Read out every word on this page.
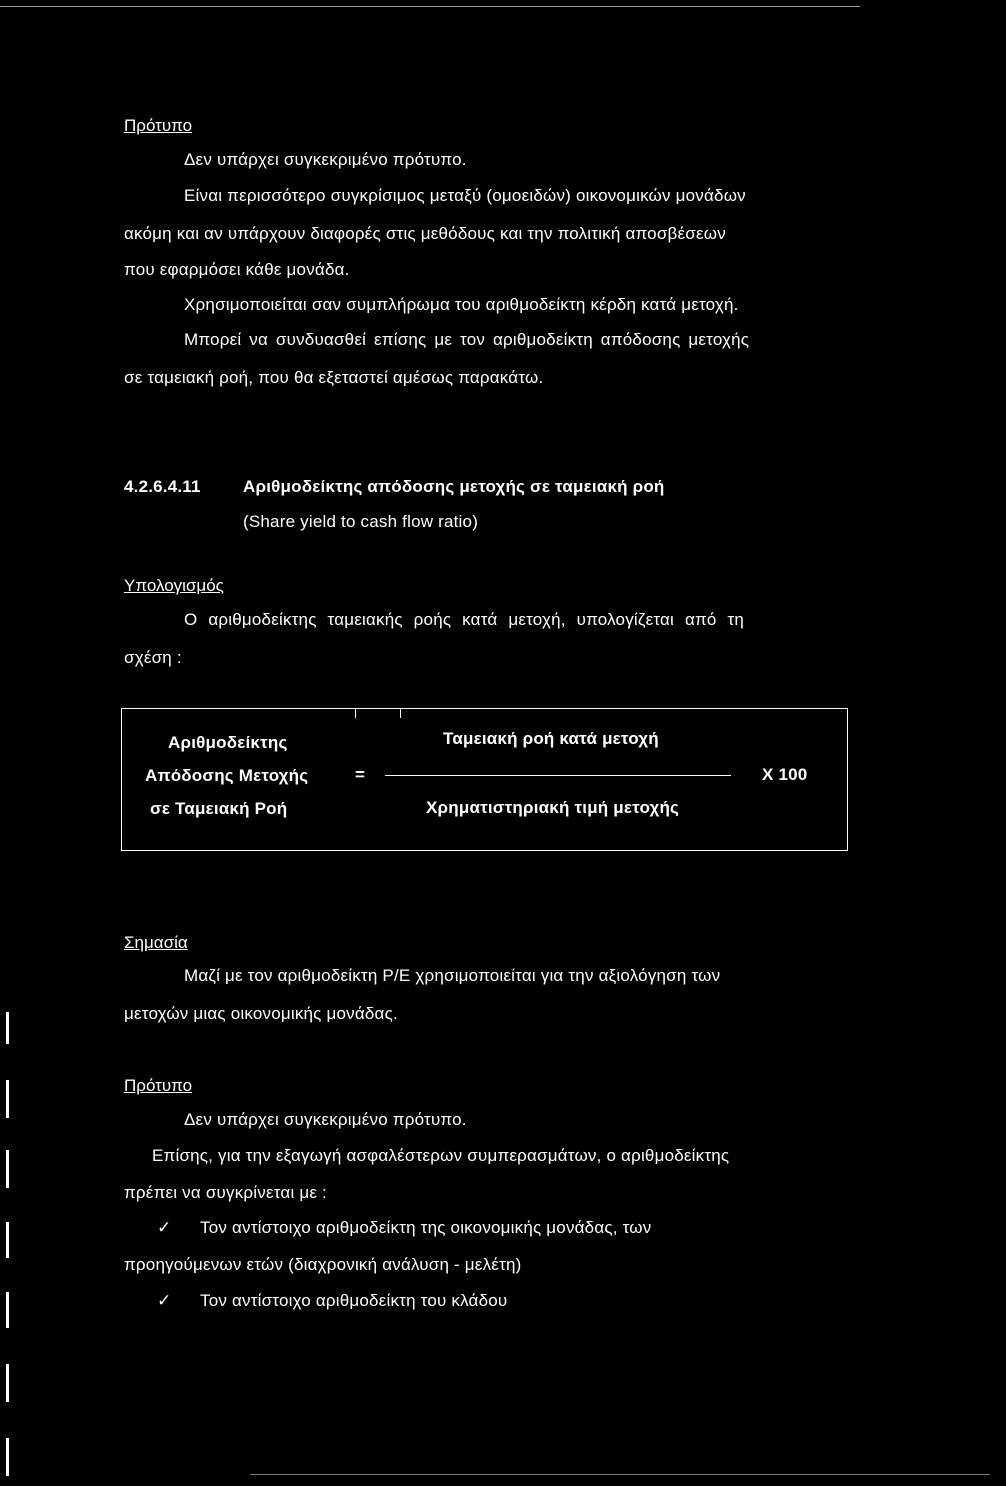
Πρότυπο
Δεν υπάρχει συγκεκριμένο πρότυπο.
Είναι περισσότερο συγκρίσιμος μεταξύ (ομοειδών) οικονομικών μονάδων
ακόμη και αν υπάρχουν διαφορές στις μεθόδους και την πολιτική αποσβέσεων
που εφαρμόσει κάθε μονάδα.
Χρησιμοποιείται σαν συμπλήρωμα του αριθμοδείκτη κέρδη κατά μετοχή.
Μπορεί να συνδυασθεί επίσης με τον αριθμοδείκτη απόδοσης μετοχής
σε ταμειακή ροή, που θα εξεταστεί αμέσως παρακάτω.
4.2.6.4.11 Αριθμοδείκτης απόδοσης μετοχής σε ταμειακή ροή
(Share yield to cash flow ratio)
Υπολογισμός
Ο αριθμοδείκτης ταμειακής ροής κατά μετοχή, υπολογίζεται από τη
σχέση :
Αριθμοδείκτης
Απόδοσης Μετοχής
σε Ταμειακή Ροή
=
Ταμειακή ροή κατά μετοχή
Χρηματιστηριακή τιμή μετοχής
Χ 100
Σημασία
Μαζί με τον αριθμοδείκτη P/E χρησιμοποιείται για την αξιολόγηση των
μετοχών μιας οικονομικής μονάδας.
Πρότυπο
Δεν υπάρχει συγκεκριμένο πρότυπο.
Επίσης, για την εξαγωγή ασφαλέστερων συμπερασμάτων, ο αριθμοδείκτης
πρέπει να συγκρίνεται με :
✓ Τον αντίστοιχο αριθμοδείκτη της οικονομικής μονάδας, των
προηγούμενων ετών (διαχρονική ανάλυση - μελέτη)
✓ Τον αντίστοιχο αριθμοδείκτη του κλάδου
